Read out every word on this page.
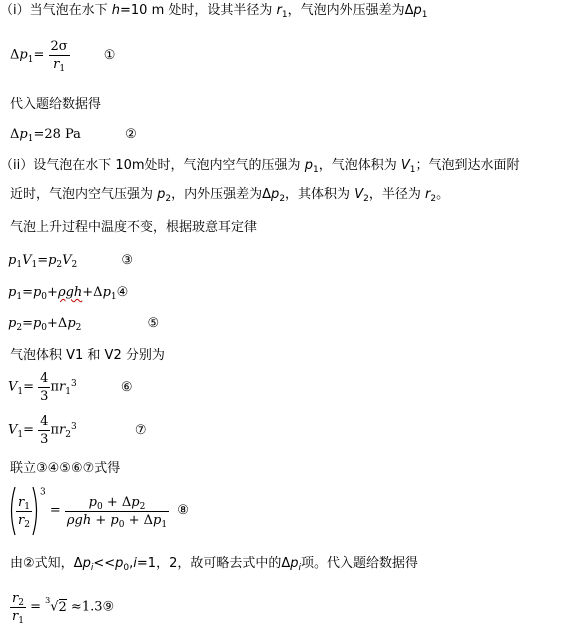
（i）当气泡在水下 h=10 m 处时，设其半径为 $r_1$，气泡内外压强差为$\Delta p_1$
$\Delta p_1= \frac{2\sigma}{r_1}$	①
代入题给数据得
$\Delta p_1=28$ Pa	②
（ii）设气泡在水下 10m处时，气泡内空气的压强为 $p_1$，气泡体积为 $V_1$；气泡到达水面附
近时，气泡内空气压强为 $p_2$，内外压强差为$\Delta p_2$，其体积为 $V_2$，半径为 $r_2$。
气泡上升过程中温度不变，根据玻意耳定律
$p_1V_1=p_2V_2$	③
$p_1=p_0+\rho gh+\Delta p_1④$
$p_2=p_0+\Delta p_2$	⑤
气泡体积 V1 和 V2 分别为
$V_1= \frac{4}{3} \pi r_1^3$	⑥
$V_1= \frac{4}{3} \pi r_2^3$	⑦
联立③④⑤⑥⑦式得
$\frac{r_1}{r_2}$
$^3 = \frac{p_0 + \Delta p_2}{\rho gh + p_0 + \Delta p_1}$ ⑧
由②式知，$\Delta p_i<<p_0,i=1$，2，故可略去式中的$\Delta p_i$项。代入题给数据得
$\frac{r_2}{r_1} = ^3√2$ ≈1.3⑨
